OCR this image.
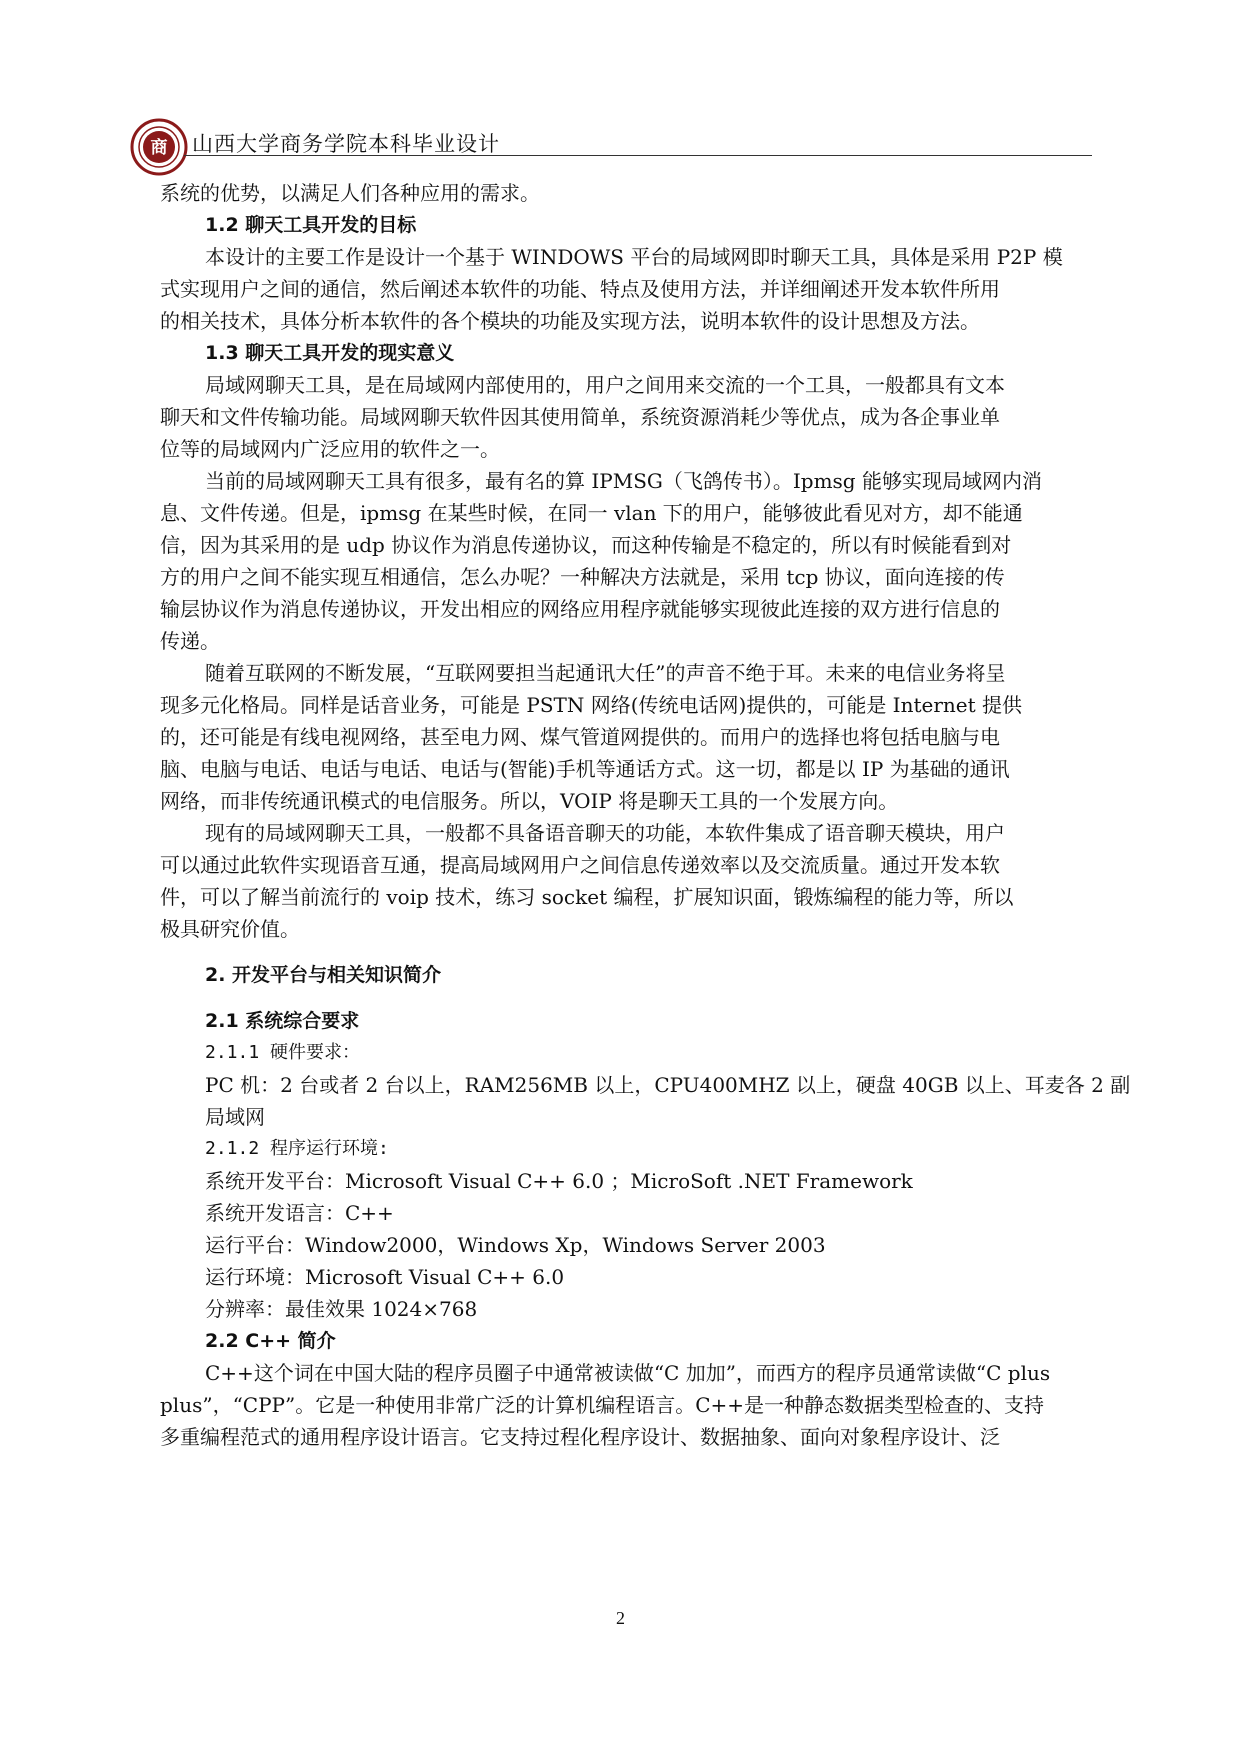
商 山西大学商务学院本科毕业设计
系统的优势，以满足人们各种应用的需求。
1.2 聊天工具开发的目标
本设计的主要工作是设计一个基于 WINDOWS 平台的局域网即时聊天工具，具体是采用 P2P 模
式实现用户之间的通信，然后阐述本软件的功能、特点及使用方法，并详细阐述开发本软件所用
的相关技术，具体分析本软件的各个模块的功能及实现方法，说明本软件的设计思想及方法。
1.3 聊天工具开发的现实意义
局域网聊天工具，是在局域网内部使用的，用户之间用来交流的一个工具，一般都具有文本
聊天和文件传输功能。局域网聊天软件因其使用简单，系统资源消耗少等优点，成为各企事业单
位等的局域网内广泛应用的软件之一。
当前的局域网聊天工具有很多，最有名的算 IPMSG（飞鸽传书）。Ipmsg 能够实现局域网内消
息、文件传递。但是，ipmsg 在某些时候，在同一 vlan 下的用户，能够彼此看见对方，却不能通
信，因为其采用的是 udp 协议作为消息传递协议，而这种传输是不稳定的，所以有时候能看到对
方的用户之间不能实现互相通信，怎么办呢？一种解决方法就是，采用 tcp 协议，面向连接的传
输层协议作为消息传递协议，开发出相应的网络应用程序就能够实现彼此连接的双方进行信息的
传递。
随着互联网的不断发展，“互联网要担当起通讯大任”的声音不绝于耳。未来的电信业务将呈
现多元化格局。同样是话音业务，可能是 PSTN 网络(传统电话网)提供的，可能是 Internet 提供
的，还可能是有线电视网络，甚至电力网、煤气管道网提供的。而用户的选择也将包括电脑与电
脑、电脑与电话、电话与电话、电话与(智能)手机等通话方式。这一切，都是以 IP 为基础的通讯
网络，而非传统通讯模式的电信服务。所以，VOIP 将是聊天工具的一个发展方向。
现有的局域网聊天工具，一般都不具备语音聊天的功能，本软件集成了语音聊天模块，用户
可以通过此软件实现语音互通，提高局域网用户之间信息传递效率以及交流质量。通过开发本软
件，可以了解当前流行的 voip 技术，练习 socket 编程，扩展知识面，锻炼编程的能力等，所以
极具研究价值。
2. 开发平台与相关知识简介
2.1 系统综合要求
2.1.1 硬件要求：
PC 机：2 台或者 2 台以上，RAM256MB 以上，CPU400MHZ 以上，硬盘 40GB 以上、耳麦各 2 副
局域网
2.1.2 程序运行环境:
系统开发平台：Microsoft Visual C++ 6.0 ；MicroSoft .NET Framework
系统开发语言：C++
运行平台：Window2000，Windows Xp，Windows Server 2003
运行环境：Microsoft Visual C++ 6.0
分辨率：最佳效果 1024×768
2.2 C++ 简介
C++这个词在中国大陆的程序员圈子中通常被读做“C 加加”，而西方的程序员通常读做“C plus
plus”，“CPP”。它是一种使用非常广泛的计算机编程语言。C++是一种静态数据类型检查的、支持
多重编程范式的通用程序设计语言。它支持过程化程序设计、数据抽象、面向对象程序设计、泛
2
